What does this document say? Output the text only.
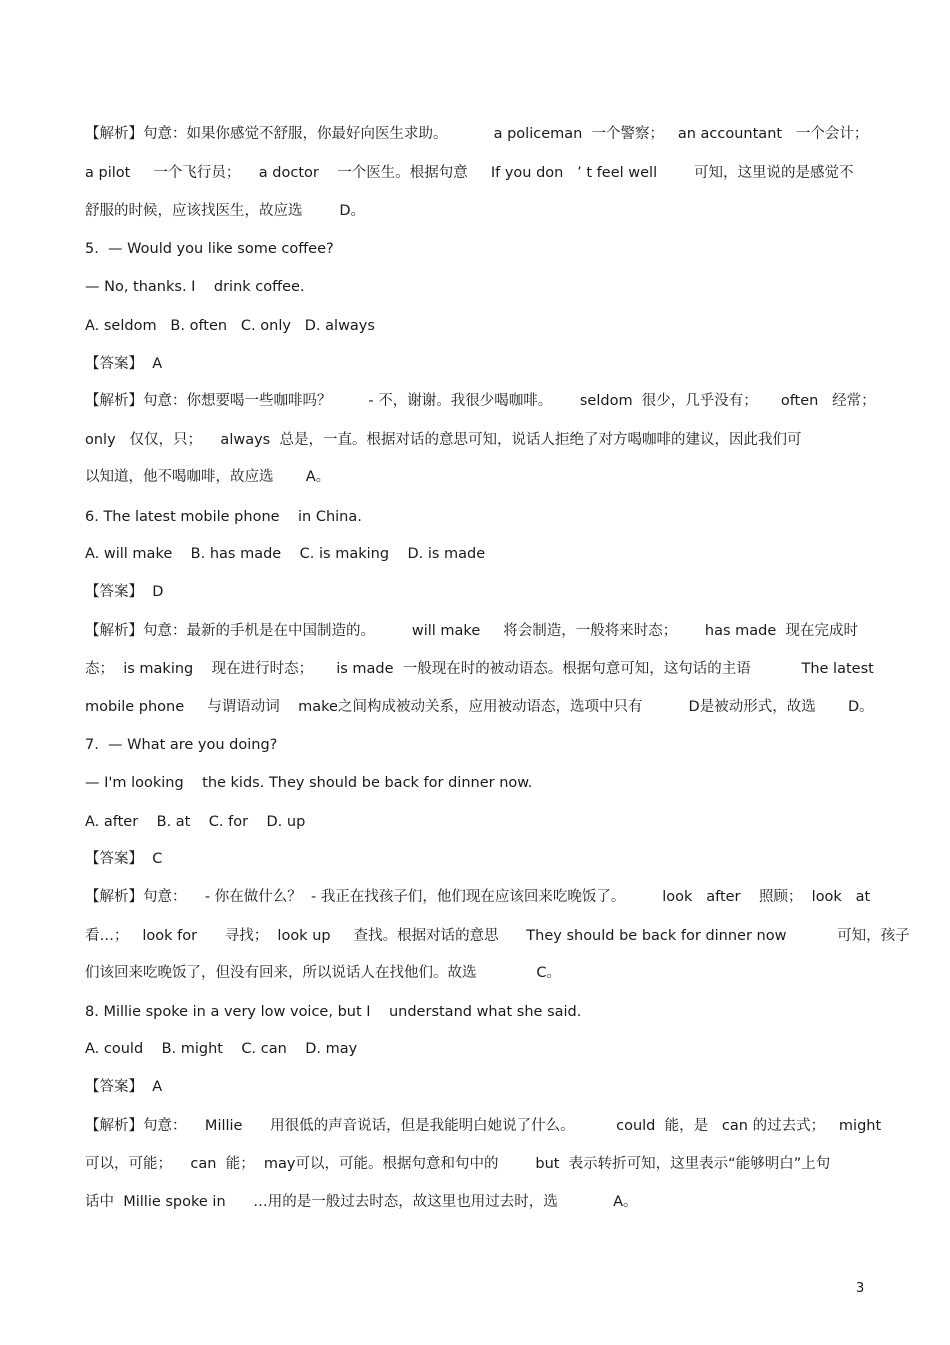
【解析】句意：如果你感觉不舒服，你最好向医生求助。          a policeman  一个警察；   an accountant   一个会计；
a pilot     一个飞行员；    a doctor    一个医生。根据句意     If you don   ’ t feel well        可知，这里说的是感觉不
舒服的时候，应该找医生，故应选        D。
5.  — Would you like some coffee?
— No, thanks. I    drink coffee.
A. seldom   B. often   C. only   D. always
【答案】  A
【解析】句意：你想要喝一些咖啡吗？        - 不，谢谢。我很少喝咖啡。      seldom  很少，几乎没有；     often   经常；
only   仅仅，只；    always  总是，一直。根据对话的意思可知，说话人拒绝了对方喝咖啡的建议，因此我们可
以知道，他不喝咖啡，故应选       A。
6. The latest mobile phone    in China.
A. will make    B. has made    C. is making    D. is made
【答案】  D
【解析】句意：最新的手机是在中国制造的。        will make     将会制造，一般将来时态；      has made  现在完成时
态；  is making    现在进行时态；     is made  一般现在时的被动语态。根据句意可知，这句话的主语           The latest
mobile phone     与谓语动词    make之间构成被动关系，应用被动语态，选项中只有          D是被动形式，故选       D。
7.  — What are you doing?
— I'm looking    the kids. They should be back for dinner now.
A. after    B. at    C. for    D. up
【答案】  C
【解析】句意：    - 你在做什么？  - 我正在找孩子们，他们现在应该回来吃晚饭了。        look   after    照顾；  look   at
看…；   look for      寻找；  look up     查找。根据对话的意思      They should be back for dinner now           可知，孩子
们该回来吃晚饭了，但没有回来，所以说话人在找他们。故选             C。
8. Millie spoke in a very low voice, but I    understand what she said.
A. could    B. might    C. can    D. may
【答案】  A
【解析】句意：    Millie      用很低的声音说话，但是我能明白她说了什么。         could  能，是   can 的过去式；   might
可以，可能；    can  能；  may可以，可能。根据句意和句中的        but  表示转折可知，这里表示“能够明白”上句
话中  Millie spoke in      …用的是一般过去时态，故这里也用过去时，选            A。
3
